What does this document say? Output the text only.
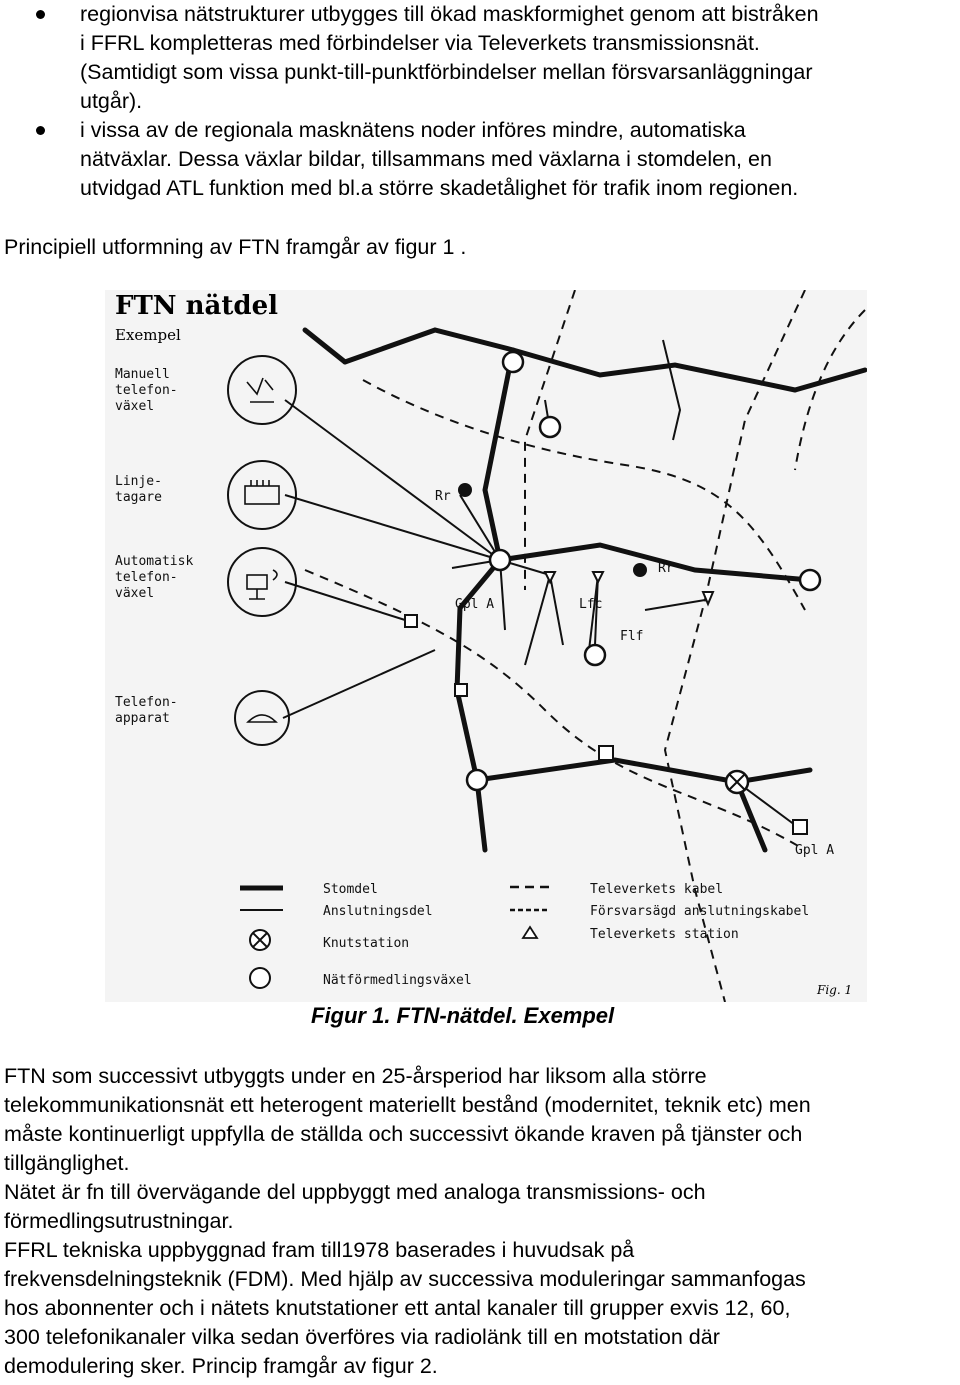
regionvisa nätstrukturer utbygges till ökad maskformighet genom att bistråken
i FFRL kompletteras med förbindelser via Televerkets transmissionsnät.
(Samtidigt som vissa punkt-till-punktförbindelser mellan försvarsanläggningar
utgår).
i vissa av de regionala masknätens noder införes mindre, automatiska
nätväxlar. Dessa växlar bildar, tillsammans med växlarna i stomdelen, en
utvidgad ATL funktion med bl.a större skadetålighet för trafik inom regionen.

Principiell utformning av FTN framgår av figur 1 .

FTN nätdel
Exempel
Manuell telefon- växel
Linje- tagare
Automatisk telefon- växel
Telefon- apparat
Rr
Rr
Gpl A	Lfc
Flf
Gpl A
Stomdel
Anslutningsdel
Knutstation
Nätförmedlingsväxel
Televerkets kabel
Försvarsägd anslutningskabel
Televerkets station
Fig. 1
Figur 1. FTN-nätdel. Exempel

FTN som successivt utbyggts under en 25-årsperiod har liksom alla större

telekommunikationsnät ett heterogent materiellt bestånd (modernitet, teknik etc) men

måste kontinuerligt uppfylla de ställda och successivt ökande kraven på tjänster och

tillgänglighet.

Nätet är fn till övervägande del uppbyggt med analoga transmissions- och

förmedlingsutrustningar.

FFRL tekniska uppbyggnad fram till1978 baserades i huvudsak på

frekvensdelningsteknik (FDM). Med hjälp av successiva moduleringar sammanfogas

hos abonnenter och i nätets knutstationer ett antal kanaler till grupper exvis 12, 60,

300 telefonikanaler vilka sedan överföres via radiolänk till en motstation där

demodulering sker. Princip framgår av figur 2.
